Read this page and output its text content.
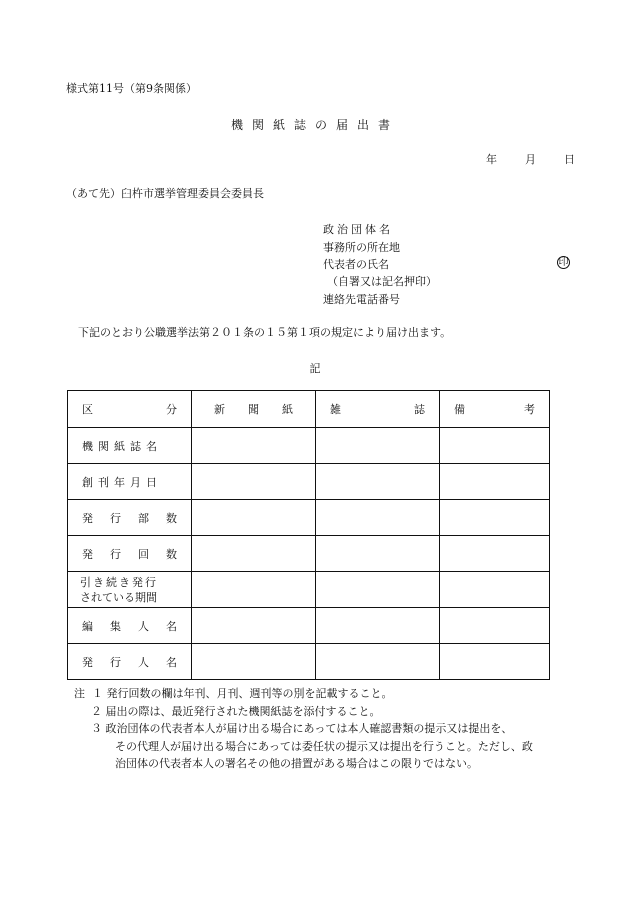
様式第11号（第9条関係）
機関紙誌の届出書
年	月	日
（あて先）臼杵市選挙管理委員会委員長
政治団体名
事務所の所在地
代表者の氏名	印
（自署又は記名押印）
連絡先電話番号
下記のとおり公職選挙法第２０１条の１５第１項の規定により届け出ます。
記
区 分	新 聞 紙	雑 誌	備 考

機関紙誌名			

創刊年月日			

発 行 部 数			

発 行 回 数			

引き続き発行
されている期間			

編 集 人 名			

発 行 人 名			

注 １ 発行回数の欄は年刊、月刊、週刊等の別を記載すること。
２ 届出の際は、最近発行された機関紙誌を添付すること。
３ 政治団体の代表者本人が届け出る場合にあっては本人確認書類の提示又は提出を、
その代理人が届け出る場合にあっては委任状の提示又は提出を行うこと。ただし、政
治団体の代表者本人の署名その他の措置がある場合はこの限りではない。
